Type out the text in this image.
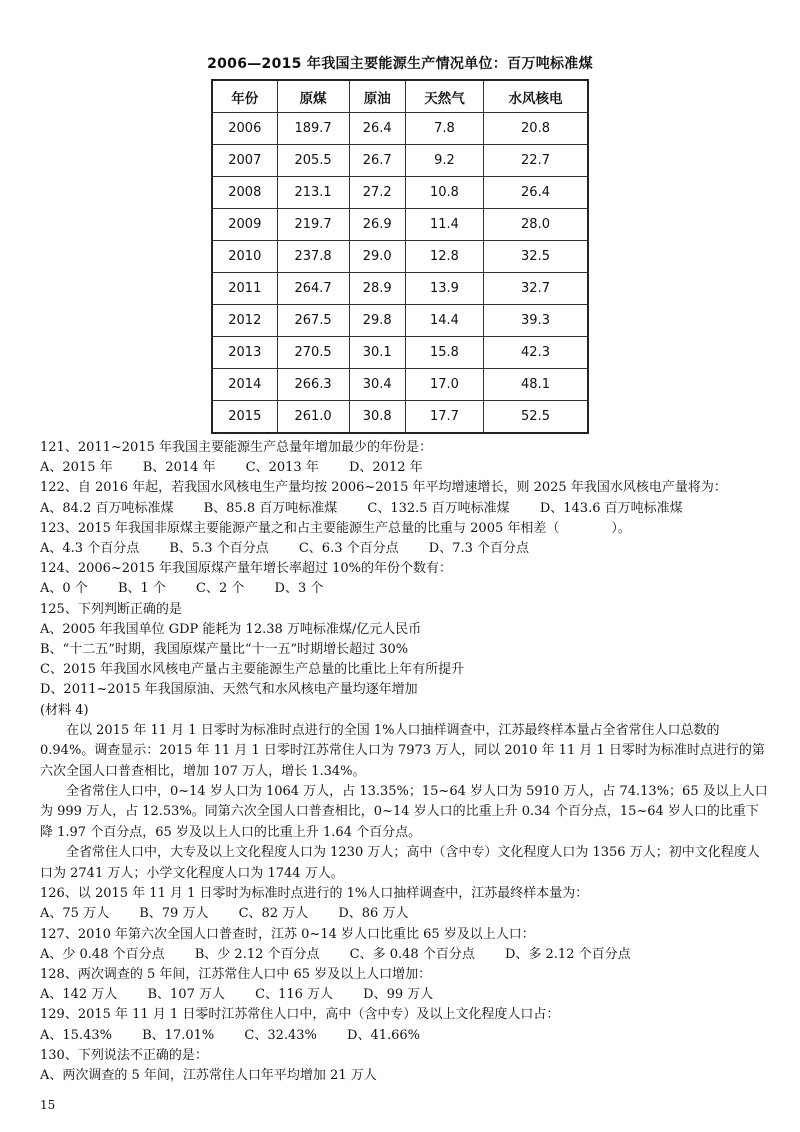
2006—2015 年我国主要能源生产情况单位：百万吨标准煤
年份	原煤	原油	天然气	水风核电
2006	189.7	26.4	7.8	20.8
2007	205.5	26.7	9.2	22.7
2008	213.1	27.2	10.8	26.4
2009	219.7	26.9	11.4	28.0
2010	237.8	29.0	12.8	32.5
2011	264.7	28.9	13.9	32.7
2012	267.5	29.8	14.4	39.3
2013	270.5	30.1	15.8	42.3
2014	266.3	30.4	17.0	48.1
2015	261.0	30.8	17.7	52.5

121、2011~2015 年我国主要能源生产总量年增加最少的年份是：

A、2015 年 B、2014 年 C、2013 年 D、2012 年

122、自 2016 年起，若我国水风核电生产量均按 2006~2015 年平均增速增长，则 2025 年我国水风核电产量将为：

A、84.2 百万吨标准煤 B、85.8 百万吨标准煤 C、132.5 百万吨标准煤 D、143.6 百万吨标准煤

123、2015 年我国非原煤主要能源产量之和占主要能源生产总量的比重与 2005 年相差（　　　　）。

A、4.3 个百分点 B、5.3 个百分点 C、6.3 个百分点 D、7.3 个百分点

124、2006~2015 年我国原煤产量年增长率超过 10%的年份个数有：

A、0 个 B、1 个 C、2 个 D、3 个

125、下列判断正确的是

A、2005 年我国单位 GDP 能耗为 12.38 万吨标准煤/亿元人民币

B、“十二五”时期，我国原煤产量比“十一五”时期增长超过 30%

C、2015 年我国水风核电产量占主要能源生产总量的比重比上年有所提升

D、2011~2015 年我国原油、天然气和水风核电产量均逐年增加

(材料 4)

在以 2015 年 11 月 1 日零时为标准时点进行的全国 1%人口抽样调查中，江苏最终样本量占全省常住人口总数的 0.94%。调查显示：2015 年 11 月 1 日零时江苏常住人口为 7973 万人，同以 2010 年 11 月 1 日零时为标准时点进行的第六次全国人口普查相比，增加 107 万人，增长 1.34%。

全省常住人口中，0~14 岁人口为 1064 万人，占 13.35%；15~64 岁人口为 5910 万人，占 74.13%；65 及以上人口为 999 万人，占 12.53%。同第六次全国人口普查相比，0~14 岁人口的比重上升 0.34 个百分点，15~64 岁人口的比重下降 1.97 个百分点，65 岁及以上人口的比重上升 1.64 个百分点。

全省常住人口中，大专及以上文化程度人口为 1230 万人；高中（含中专）文化程度人口为 1356 万人；初中文化程度人口为 2741 万人；小学文化程度人口为 1744 万人。

126、以 2015 年 11 月 1 日零时为标准时点进行的 1%人口抽样调查中，江苏最终样本量为：

A、75 万人 B、79 万人 C、82 万人 D、86 万人

127、2010 年第六次全国人口普查时，江苏 0~14 岁人口比重比 65 岁及以上人口：

A、少 0.48 个百分点 B、少 2.12 个百分点 C、多 0.48 个百分点 D、多 2.12 个百分点

128、两次调查的 5 年间，江苏常住人口中 65 岁及以上人口增加：

A、142 万人 B、107 万人 C、116 万人 D、99 万人

129、2015 年 11 月 1 日零时江苏常住人口中，高中（含中专）及以上文化程度人口占：

A、15.43% B、17.01% C、32.43% D、41.66%

130、下列说法不正确的是：

A、两次调查的 5 年间，江苏常住人口年平均增加 21 万人

15
